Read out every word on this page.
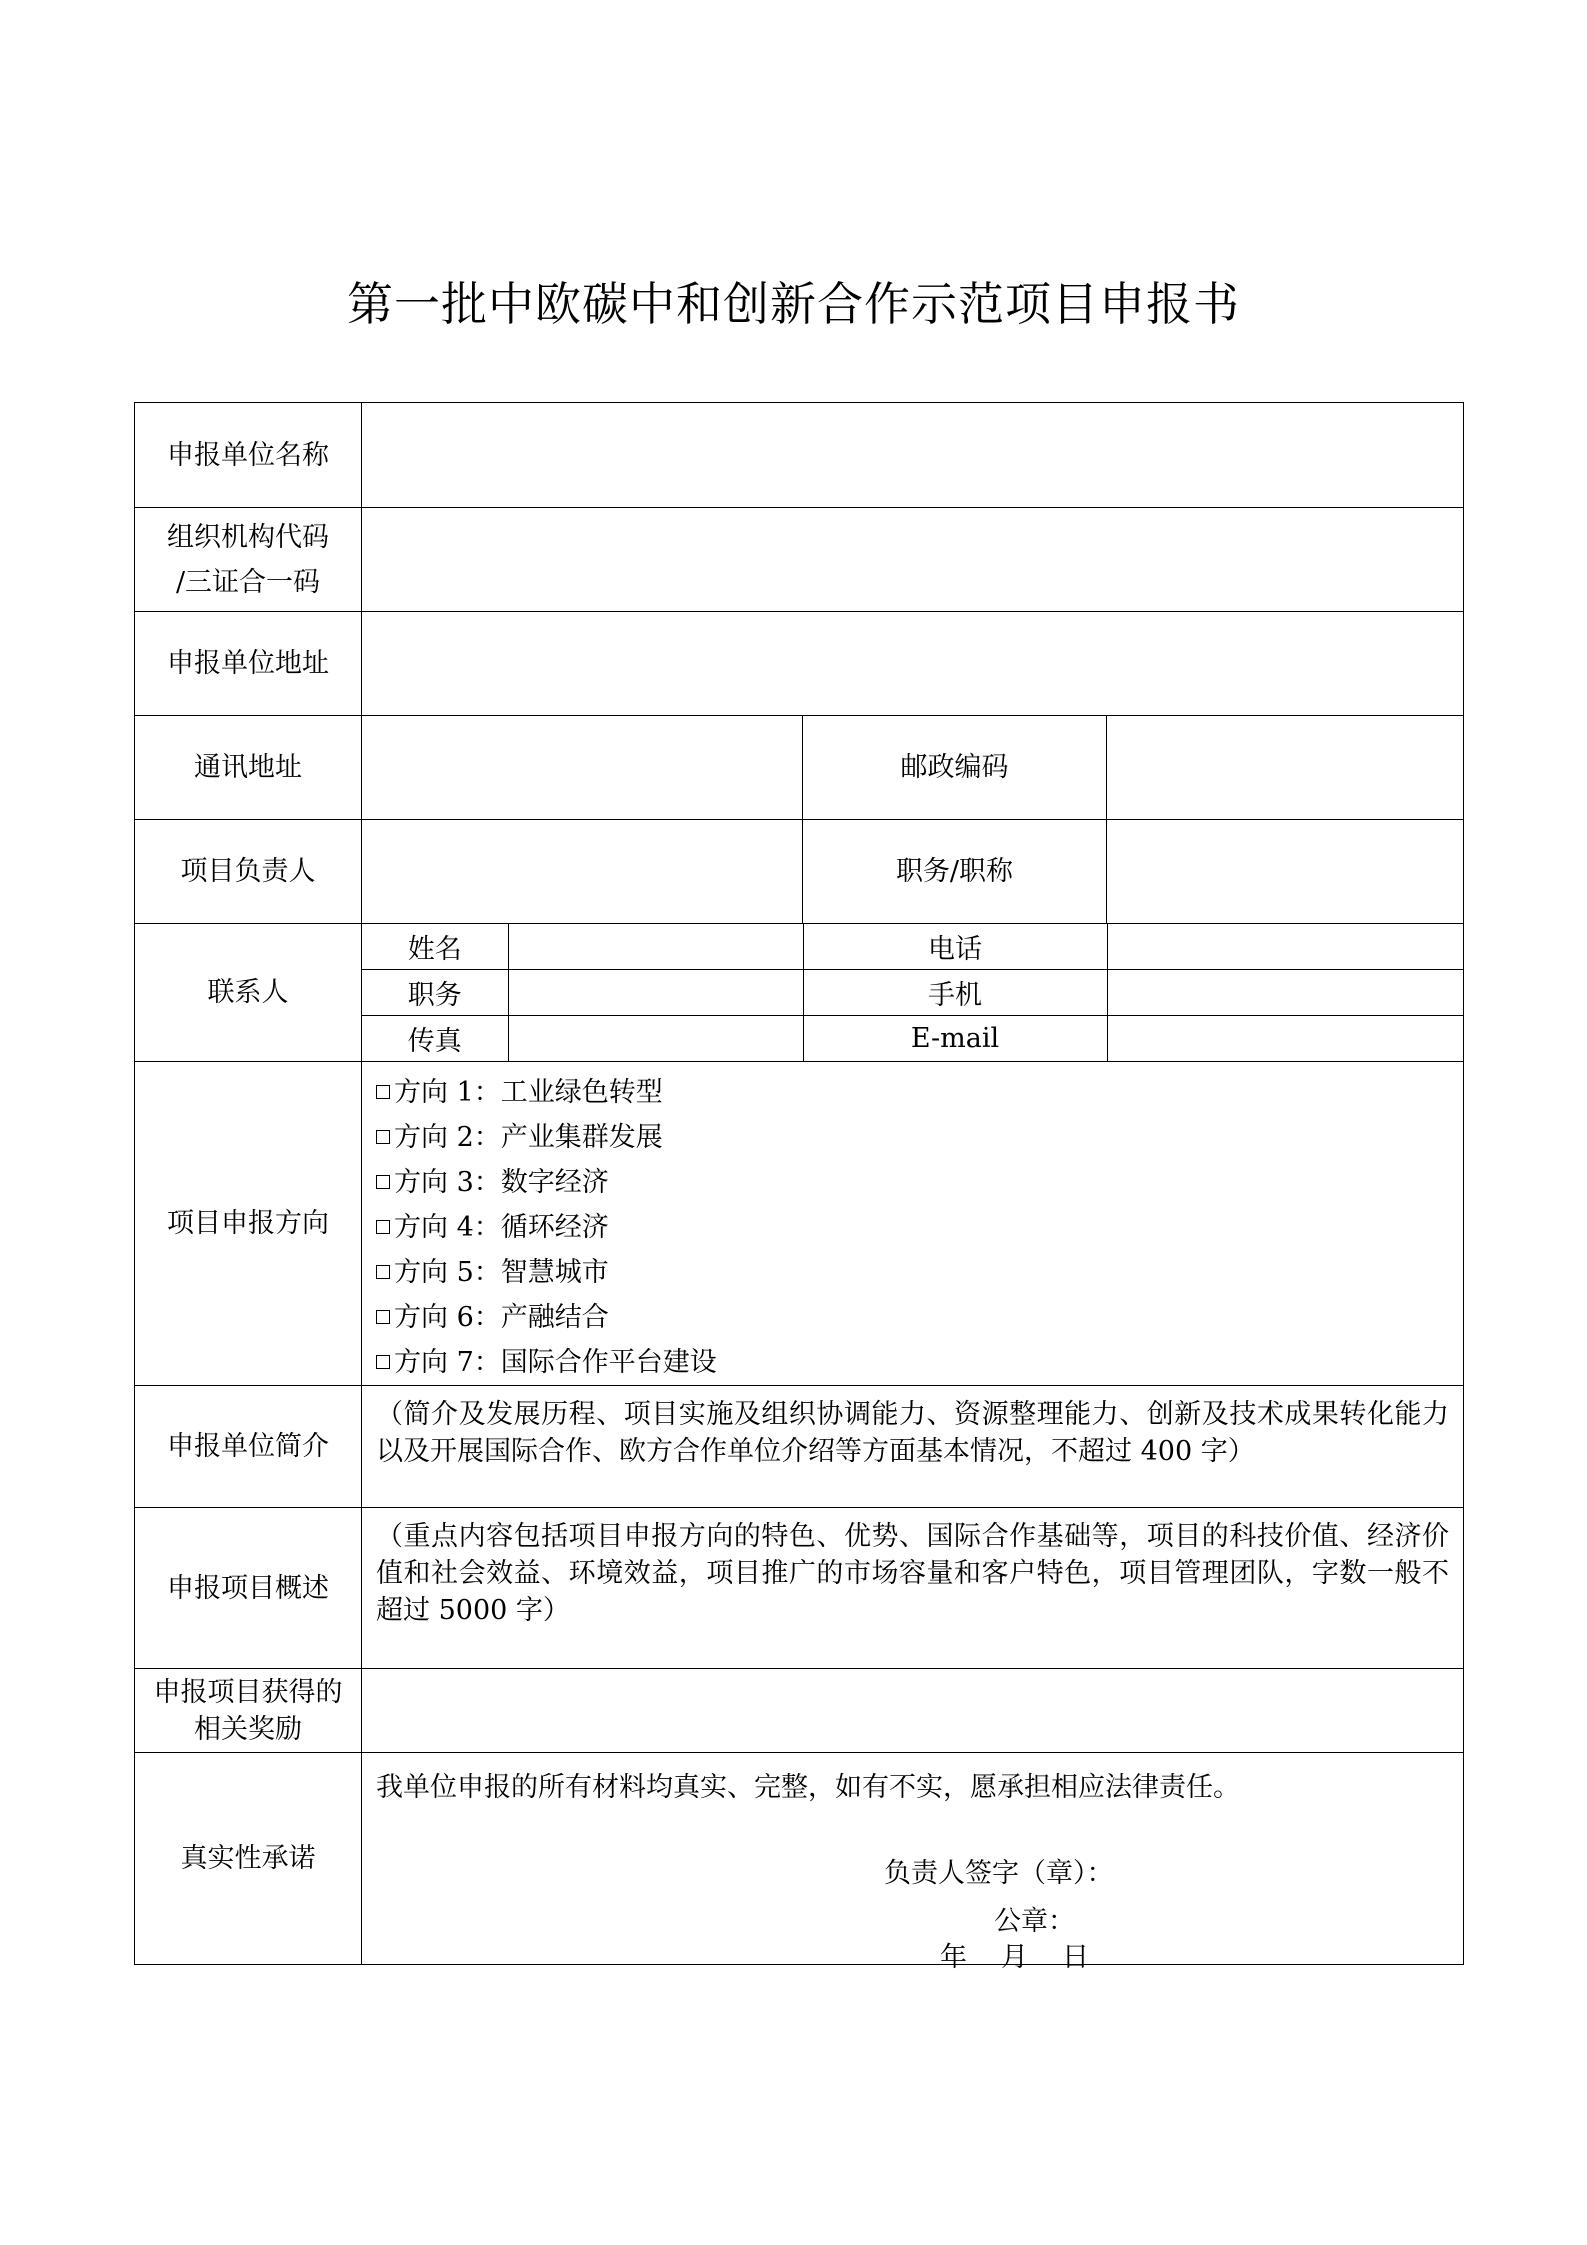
第一批中欧碳中和创新合作示范项目申报书
申报单位名称	

组织机构代码
/三证合一码

申报单位地址	
通讯地址		邮政编码	
项目负责人		职务/职称	
联系人	
姓名		电话	
职务		手机	
传真		E-mail	

项目申报方向	
方向 1：工业绿色转型
方向 2：产业集群发展
方向 3：数字经济
方向 4：循环经济
方向 5：智慧城市
方向 6：产融结合
方向 7：国际合作平台建设

申报单位简介	
（简介及发展历程、项目实施及组织协调能力、资源整理能力、创新及技术成果转化能力以及开展国际合作、欧方合作单位介绍等方面基本情况，不超过 400 字）

申报项目概述	
（重点内容包括项目申报方向的特色、优势、国际合作基础等，项目的科技价值、经济价值和社会效益、环境效益，项目推广的市场容量和客户特色，项目管理团队，字数一般不超过 5000 字）

申报项目获得的
相关奖励

真实性承诺	
我单位申报的所有材料均真实、完整，如有不实，愿承担相应法律责任。
负责人签字（章）：
公章：
年 月 日
